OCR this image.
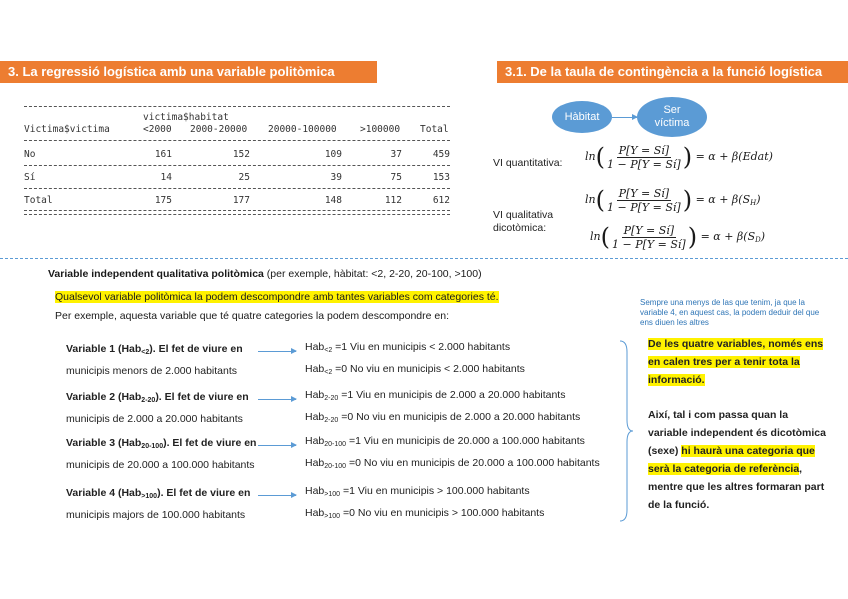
3. La regressió logística amb una variable politòmica	3.1. De la taula de contingència a la funció logística
victima$habitat
Victima$victima	<2000 2000-20000 20000-100000 >100000 Total
No	161	152	109	37	459
Sí	14	25	39	75	153
Total	175	177	148	112	612
Hàbitat
Ser víctima
VI quantitativa: $\ln( \frac{P[Y = Sí]}{1 - P[Y = Sí]}$ ) = α + β(Edat)
VI qualitativa dicotòmica:
$\ln( \frac{P[Y = Sí]}{1 - P[Y = Sí]}$ ) = $\alpha + \beta(S_H)$
$\ln( \frac{P[Y = Sí]}{1 - P[Y = Sí]}$ ) = $\alpha + \beta(S_D)$
Variable independent qualitativa politòmica (per exemple, hàbitat: <2, 2-20, 20-100, >100)
Qualsevol variable politòmica la podem descompondre amb tantes variables com categories té.
Per exemple, aquesta variable que té quatre categories la podem descompondre en:
Variable 1 (Hab$_{<2}$). El fet de viure en
municipis menors de 2.000 habitants
Hab$_{<2}$ =1 Viu en municipis < 2.000 habitants
Hab$_{<2}$ =0 No viu en municipis < 2.000 habitants
Variable 2 (Hab$_{2-20}$). El fet de viure en
municipis de 2.000 a 20.000 habitants
Hab$_{2-20}$ =1 Viu en municipis de 2.000 a 20.000 habitants
Hab$_{2-20}$ =0 No viu en municipis de 2.000 a 20.000 habitants
Variable 3 (Hab$_{20-100}$). El fet de viure en
municipis de 20.000 a 100.000 habitants
Hab$_{20-100}$ =1 Viu en municipis de 20.000 a 100.000 habitants
Hab$_{20-100}$ =0 No viu en municipis de 20.000 a 100.000 habitants
Variable 4 (Hab$_{>100}$). El fet de viure en
municipis majors de 100.000 habitants
Hab$_{>100}$ =1 Viu en municipis > 100.000 habitants
Hab$_{>100}$ =0 No viu en municipis > 100.000 habitants
Sempre una menys de las que tenim, ja que la variable 4, en aquest cas, la podem deduir del que ens diuen les altres
De les quatre variables, només ens en calen tres per a tenir tota la informació.
Així, tal i com passa quan la variable independent és dicotòmica (sexe) hi haurà una categoria que serà la categoria de referència, mentre que les altres formaran part de la funció.
